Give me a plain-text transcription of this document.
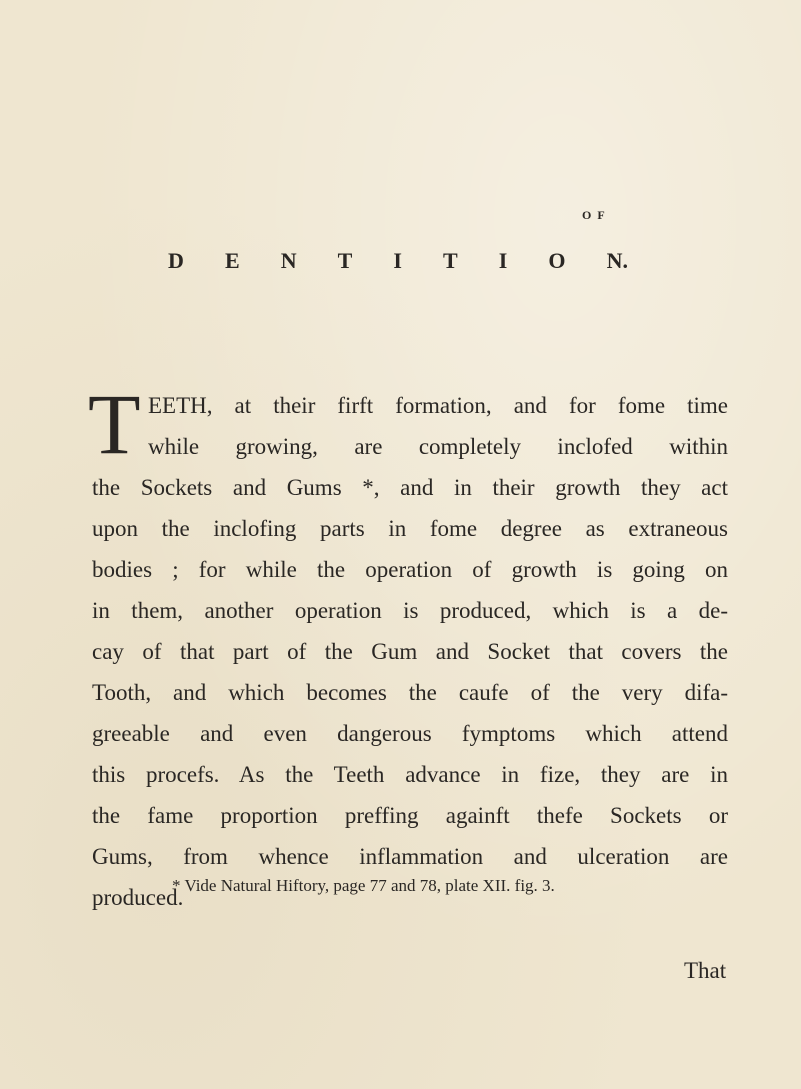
OF
D E N T I T I O N.
T EETH, at their firft formation, and for fome time
while growing, are completely inclofed within
the Sockets and Gums *, and in their growth they act
upon the inclofing parts in fome degree as extraneous
bodies ; for while the operation of growth is going on
in them, another operation is produced, which is a de-
cay of that part of the Gum and Socket that covers the
Tooth, and which becomes the caufe of the very difa-
greeable and even dangerous fymptoms which attend
this procefs. As the Teeth advance in fize, they are in
the fame proportion preffing againft thefe Sockets or
Gums, from whence inflammation and ulceration are
produced.
* Vide Natural Hiftory, page 77 and 78, plate XII. fig. 3.
That
